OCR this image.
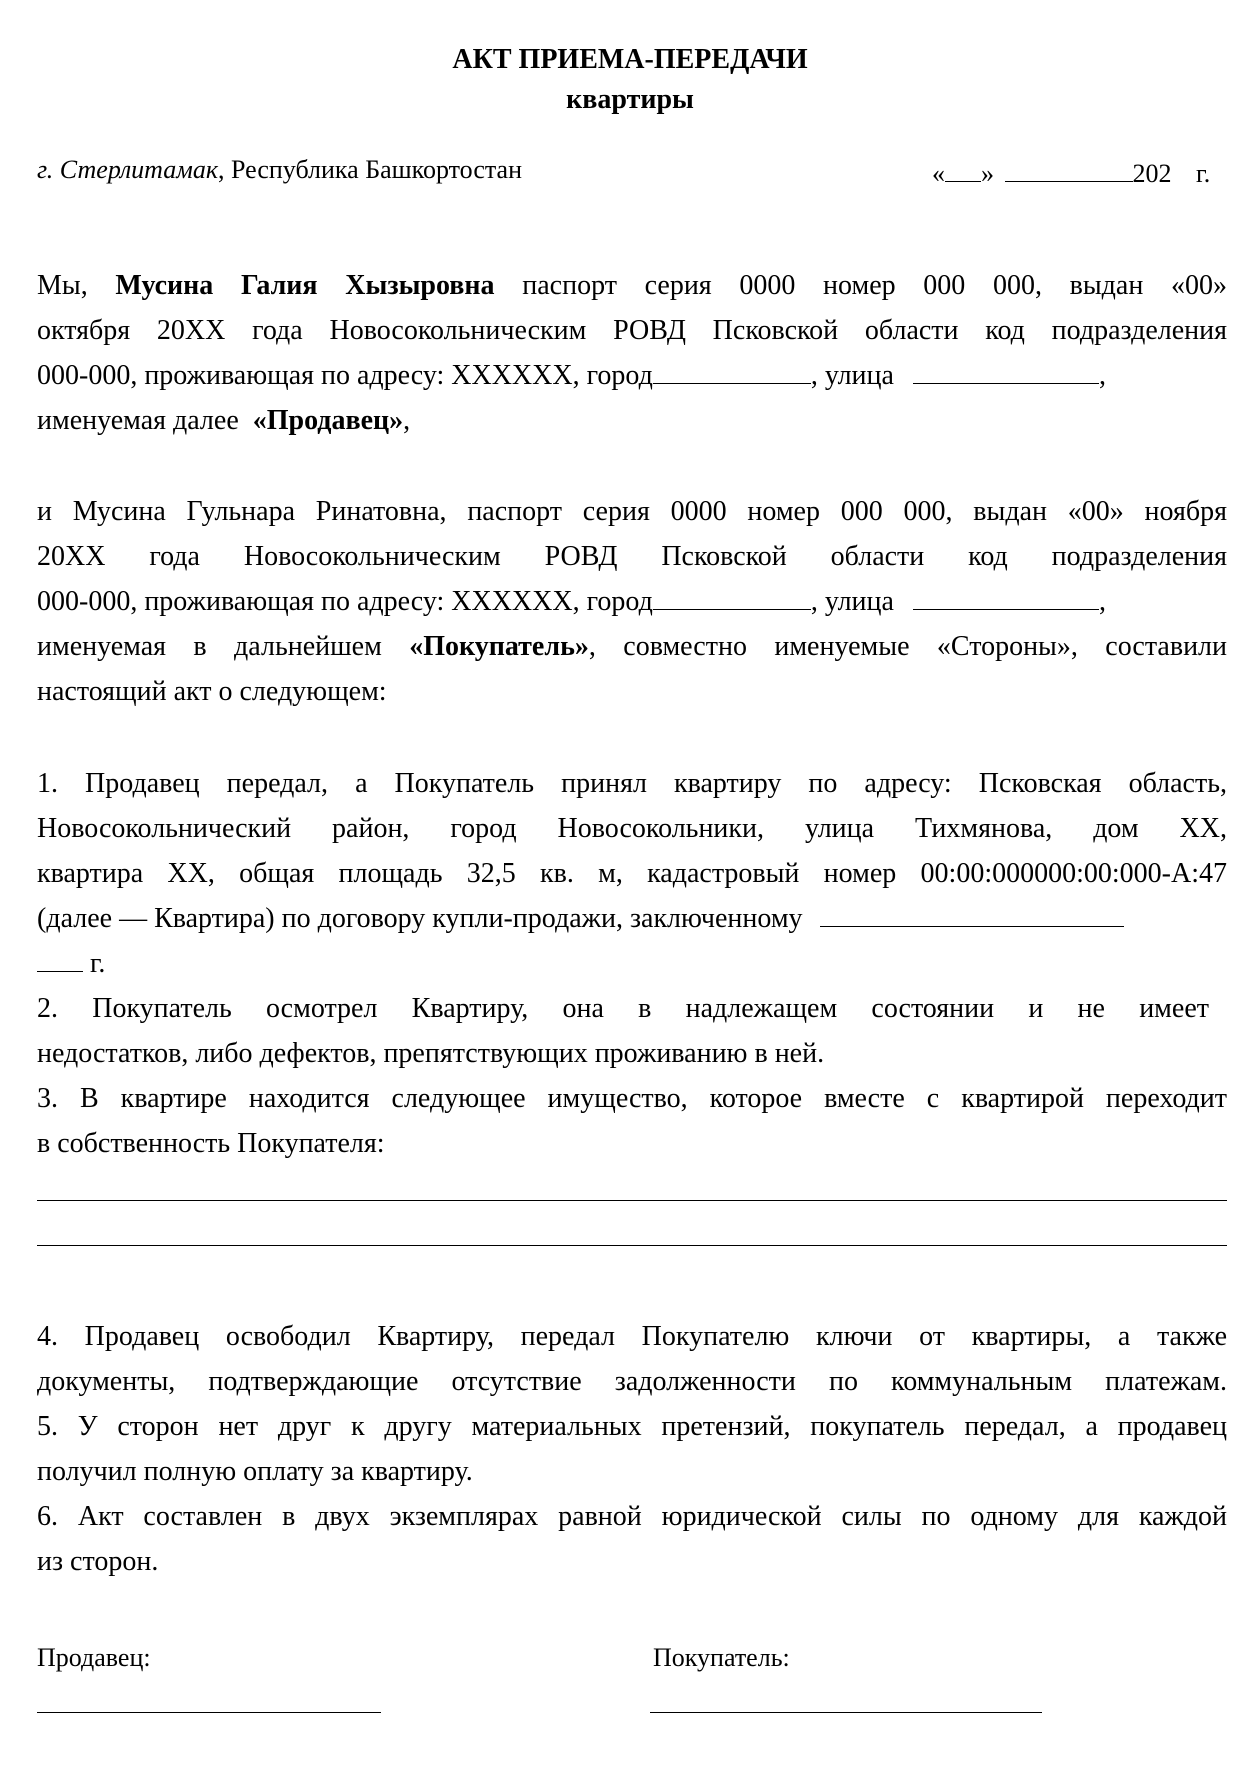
АКТ ПРИЕМА-ПЕРЕДАЧИ
квартиры
г. Стерлитамак, Республика Башкортостан	« »	202 г.
Мы, Мусина Галия Хызыровна паспорт серия 0000 номер 000 000, выдан «00»
октября 20ХХ года Новосокольническим РОВД Псковской области код подразделения
000-000, проживающая по адресу: XXXXXX, город	, улица	,
именуемая далее «Продавец»,
и Мусина Гульнара Ринатовна, паспорт серия 0000 номер 000 000, выдан «00» ноября
20ХХ года Новосокольническим РОВД Псковской области код подразделения
000-000, проживающая по адресу: XXXXXX, город	, улица	,
именуемая в дальнейшем «Покупатель», совместно именуемые «Стороны», составили
настоящий акт о следующем:
1. Продавец передал, а Покупатель принял квартиру по адресу: Псковская область,
Новосокольнический район, город Новосокольники, улица Тихмянова, дом ХХ,
квартира ХХ, общая площадь 32,5 кв. м, кадастровый номер 00:00:000000:00:000-А:47
(далее — Квартира) по договору купли-продажи, заключенному
г.
2. Покупатель осмотрел Квартиру, она в надлежащем состоянии и не имеет
недостатков, либо дефектов, препятствующих проживанию в ней.
3. В квартире находится следующее имущество, которое вместе с квартирой переходит
в собственность Покупателя:
4. Продавец освободил Квартиру, передал Покупателю ключи от квартиры, а также
документы, подтверждающие отсутствие задолженности по коммунальным платежам.
5. У сторон нет друг к другу материальных претензий, покупатель передал, а продавец
получил полную оплату за квартиру.
6. Акт составлен в двух экземплярах равной юридической силы по одному для каждой
из сторон.
Продавец:	Покупатель:
